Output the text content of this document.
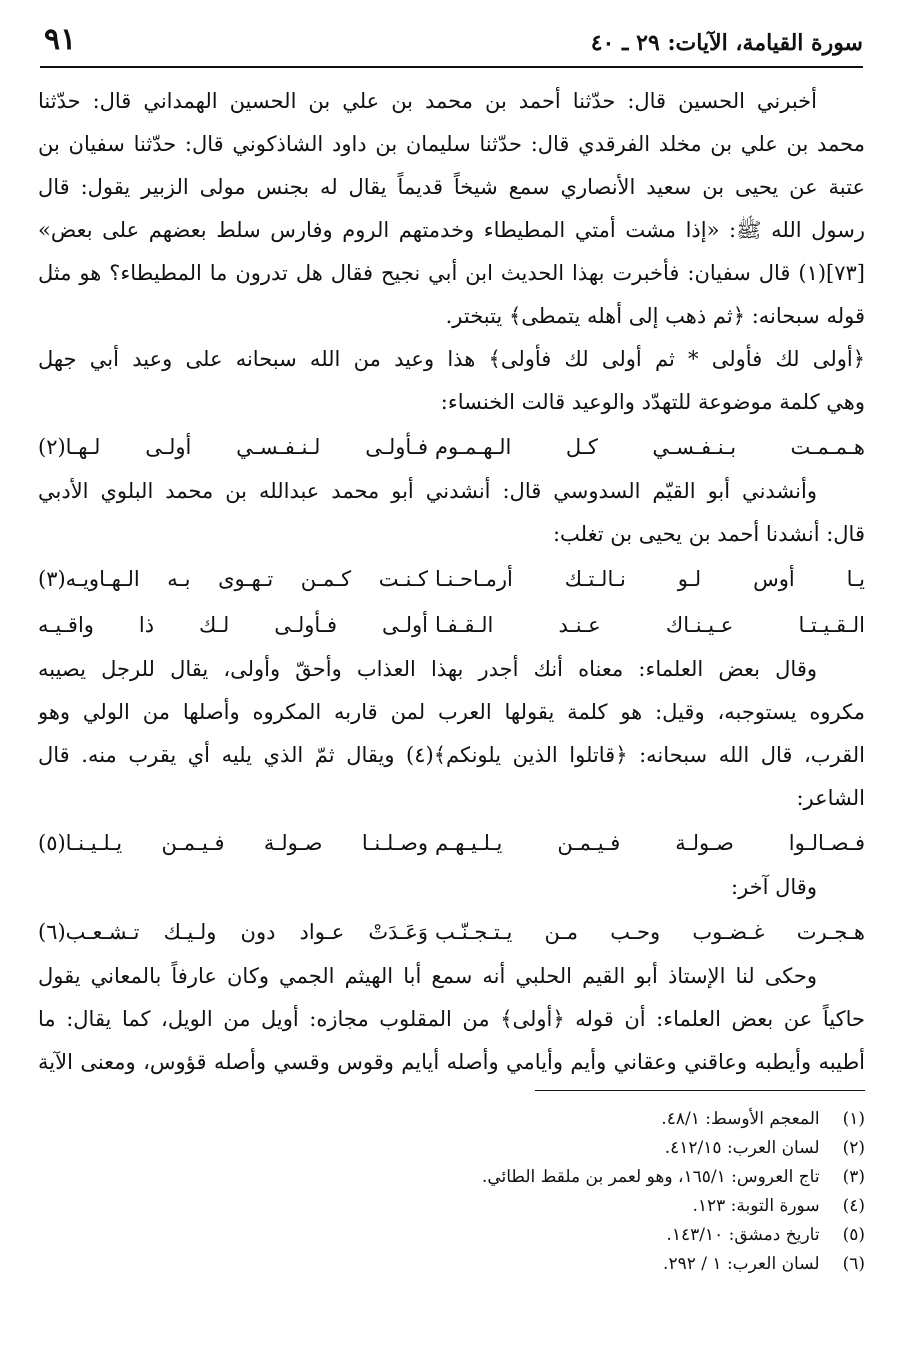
سورة القيامة، الآيات: ٢٩ ـ ٤٠
٩١
أخبرني الحسين قال: حدّثنا أحمد بن محمد بن علي بن الحسين الهمداني قال: حدّثنا
محمد بن علي بن مخلد الفرقدي قال: حدّثنا سليمان بن داود الشاذكوني قال: حدّثنا سفيان بن
عتبة عن يحيى بن سعيد الأنصاري سمع شيخاً قديماً يقال له بجنس مولى الزبير يقول: قال
رسول الله ﷺ: «إذا مشت أمتي المطيطاء وخدمتهم الروم وفارس سلط بعضهم على بعض»
[٧٣](١) قال سفيان: فأخبرت بهذا الحديث ابن أبي نجيح فقال هل تدرون ما المطيطاء؟ هو مثل
قوله سبحانه: ﴿ثم ذهب إلى أهله يتمطى﴾ يتبختر.
﴿أولى لك فأولى * ثم أولى لك فأولى﴾ هذا وعيد من الله سبحانه على وعيد أبي جهل
وهي كلمة موضوعة للتهدّد والوعيد قالت الخنساء:
هـمـمـت بـنـفـسـي كـل الـهـمـوم
فـأولـى لـنـفـسـي أولـى لـهـا(٢)
وأنشدني أبو القيّم السدوسي قال: أنشدني أبو محمد عبدالله بن محمد البلوي الأدبي
قال: أنشدنا أحمد بن يحيى بن تغلب:
يـا أوس لـو نـالـتـك أرمـاحـنـا
كـنـت كـمـن تـهـوى بـه الـهـاويـه(٣)
الـقـيـتـا عـيـنـاك عـنـد الـقـفـا
أولـى فـأولـى لـك ذا واقـيـه
وقال بعض العلماء: معناه أنك أجدر بهذا العذاب وأحقّ وأولى، يقال للرجل يصيبه
مكروه يستوجبه، وقيل: هو كلمة يقولها العرب لمن قاربه المكروه وأصلها من الولي وهو
القرب، قال الله سبحانه: ﴿قاتلوا الذين يلونكم﴾(٤) ويقال ثمّ الذي يليه أي يقرب منه. قال
الشاعر:
فـصـالـوا صـولـة فـيـمـن يـلـيـهـم
وصـلـنـا صـولـة فـيـمـن يـلـيـنـا(٥)
وقال آخر:
هـجـرت غـضـوب وحـب مـن يـتـجـنّـب
وَعَـدَتْ عـواد دون ولـيـك تـشـعـب(٦)
وحكى لنا الإستاذ أبو القيم الحلبي أنه سمع أبا الهيثم الجمي وكان عارفاً بالمعاني يقول
حاكياً عن بعض العلماء: أن قوله ﴿أولى﴾ من المقلوب مجازه: أويل من الويل، كما يقال: ما
أطيبه وأيطبه وعاقني وعقاني وأيم وأيامي وأصله أيايم وقوس وقسي وأصله قؤوس، ومعنى الآية
(١) المعجم الأوسط: ٤٨/١.
(٢) لسان العرب: ٤١٢/١٥.
(٣) تاج العروس: ١٦٥/١، وهو لعمر بن ملقط الطائي.
(٤) سورة التوبة: ١٢٣.
(٥) تاريخ دمشق: ١٤٣/١٠.
(٦) لسان العرب: ١ / ٢٩٢.
